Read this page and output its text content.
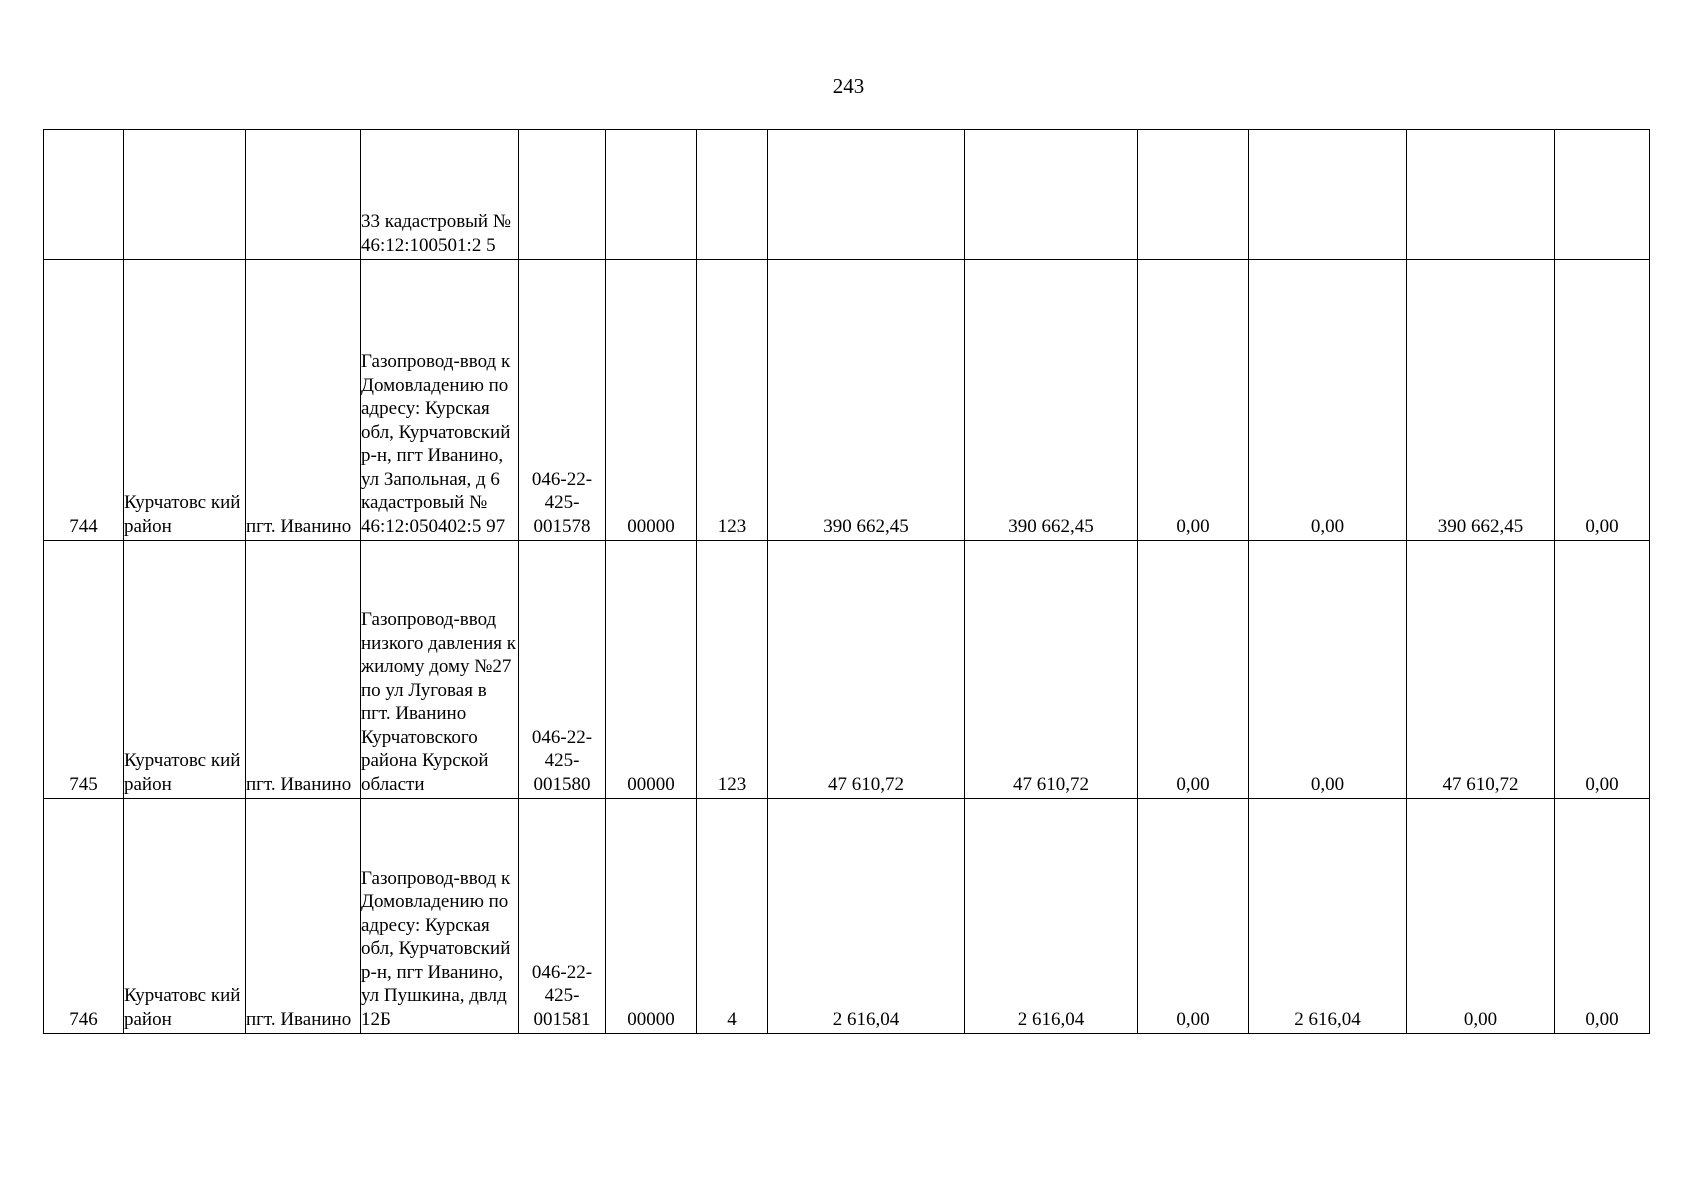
243

			33 кадастровый № 46:12:100501:2 5									

744	Курчатовс кий район	пгт. Иванино	Газопровод-ввод к Домовладению по адресу: Курская обл, Курчатовский р-н, пгт Иванино, ул Запольная, д 6 кадастровый № 46:12:050402:5 97	046-22-
425-
001578	00000	123	390 662,45	390 662,45	0,00	0,00	390 662,45	0,00
745	Курчатовс кий район	пгт. Иванино	Газопровод-ввод низкого давления к жилому дому №27 по ул Луговая в пгт. Иванино Курчатовского района Курской области	046-22-
425-
001580	00000	123	47 610,72	47 610,72	0,00	0,00	47 610,72	0,00
746	Курчатовс кий район	пгт. Иванино	Газопровод-ввод к Домовладению по адресу: Курская обл, Курчатовский р-н, пгт Иванино, ул Пушкина, двлд 12Б	046-22-
425-
001581	00000	4	2 616,04	2 616,04	0,00	2 616,04	0,00	0,00
